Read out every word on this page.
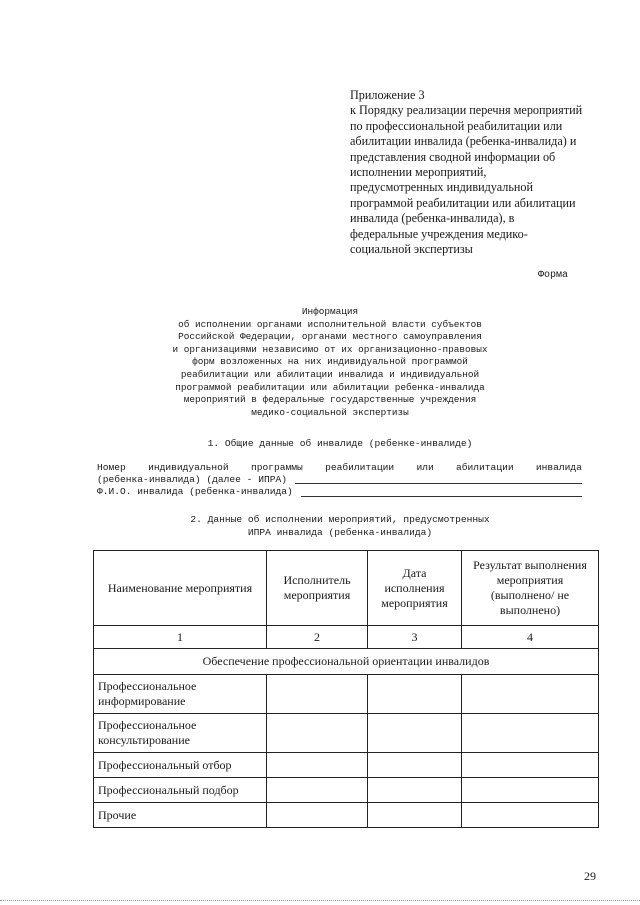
Приложение 3
к Порядку реализации перечня мероприятий
по профессиональной реабилитации или
абилитации инвалида (ребенка-инвалида) и
представления сводной информации об
исполнении мероприятий,
предусмотренных индивидуальной
программой реабилитации или абилитации
инвалида (ребенка-инвалида), в
федеральные учреждения медико-
социальной экспертизы
Форма
Информация
об исполнении органами исполнительной власти субъектов
Российской Федерации, органами местного самоуправления
и организациями независимо от их организационно-правовых
форм возложенных на них индивидуальной программой
реабилитации или абилитации инвалида и индивидуальной
программой реабилитации или абилитации ребенка-инвалида
мероприятий в федеральные государственные учреждения
медико-социальной экспертизы
1. Общие данные об инвалиде (ребенке-инвалиде)
Номер индивидуальной программы реабилитации или абилитации инвалида
(ребенка-инвалида) (далее - ИПРА)
Ф.И.О. инвалида (ребенка-инвалида)
2. Данные об исполнении мероприятий, предусмотренных
ИПРА инвалида (ребенка-инвалида)
Наименование мероприятия	Исполнитель мероприятия	Дата исполнения мероприятия	Результат выполнения мероприятия (выполнено/ не выполнено)
1	2	3	4
Обеспечение профессиональной ориентации инвалидов			
Профессиональное информирование			
Профессиональное консультирование			
Профессиональный отбор			
Профессиональный подбор			
Прочие			
29
